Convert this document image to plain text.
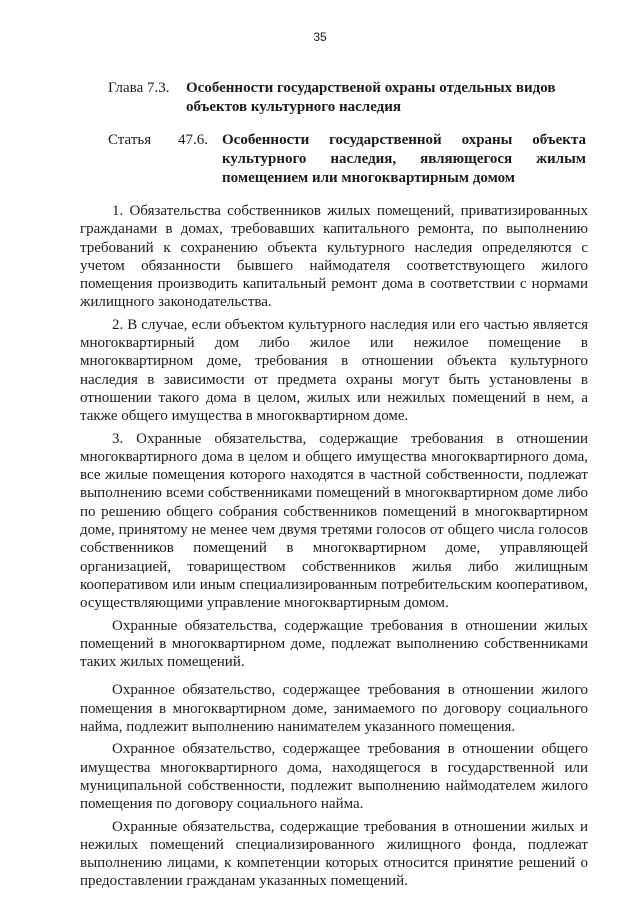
35
Глава 7.3. Особенности государственой охраны отдельных видов
объектов культурного наследия
Статья 47.6. Особенности государственной охраны объекта культурного наследия, являющегося жилым помещением или многоквартирным домом

1. Обязательства собственников жилых помещений, приватизированных гражданами в домах, требовавших капитального ремонта, по выполнению требований к сохранению объекта культурного наследия определяются с учетом обязанности бывшего наймодателя соответствующего жилого помещения производить капитальный ремонт дома в соответствии с нормами жилищного законодательства.

2. В случае, если объектом культурного наследия или его частью является многоквартирный дом либо жилое или нежилое помещение в многоквартирном доме, требования в отношении объекта культурного наследия в зависимости от предмета охраны могут быть установлены в отношении такого дома в целом, жилых или нежилых помещений в нем, а также общего имущества в многоквартирном доме.

3. Охранные обязательства, содержащие требования в отношении многоквартирного дома в целом и общего имущества многоквартирного дома, все жилые помещения которого находятся в частной собственности, подлежат выполнению всеми собственниками помещений в многоквартирном доме либо по решению общего собрания собственников помещений в многоквартирном доме, принятому не менее чем двумя третями голосов от общего числа голосов собственников помещений в многоквартирном доме, управляющей организацией, товариществом собственников жилья либо жилищным кооперативом или иным специализированным потребительским кооперативом, осуществляющими управление многоквартирным домом.

Охранные обязательства, содержащие требования в отношении жилых помещений в многоквартирном доме, подлежат выполнению собственниками таких жилых помещений.

Охранное обязательство, содержащее требования в отношении жилого помещения в многоквартирном доме, занимаемого по договору социального найма, подлежит выполнению нанимателем указанного помещения.

Охранное обязательство, содержащее требования в отношении общего имущества многоквартирного дома, находящегося в государственной или муниципальной собственности, подлежит выполнению наймодателем жилого помещения по договору социального найма.

Охранные обязательства, содержащие требования в отношении жилых и нежилых помещений специализированного жилищного фонда, подлежат выполнению лицами, к компетенции которых относится принятие решений о предоставлении гражданам указанных помещений.
